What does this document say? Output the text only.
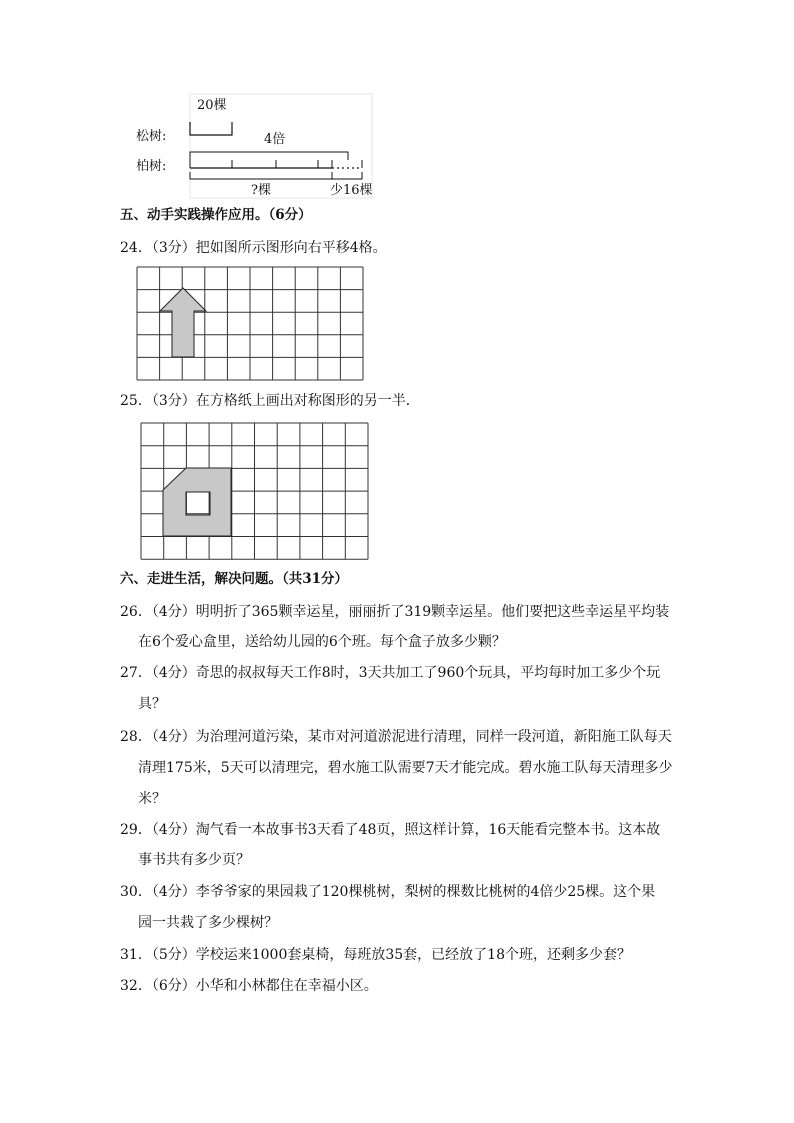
20棵
松树:	4倍
柏树:
?棵	少16棵
五、动手实践操作应用。（6分）
24．（3分）把如图所示图形向右平移4格。
25．（3分）在方格纸上画出对称图形的另一半．
六、走进生活，解决问题。（共31分）
26．（4分）明明折了365颗幸运星，丽丽折了319颗幸运星。他们要把这些幸运星平均装
在6个爱心盒里，送给幼儿园的6个班。每个盒子放多少颗？
27．（4分）奇思的叔叔每天工作8时，3天共加工了960个玩具，平均每时加工多少个玩
具？
28．（4分）为治理河道污染，某市对河道淤泥进行清理，同样一段河道，新阳施工队每天
清理175米，5天可以清理完，碧水施工队需要7天才能完成。碧水施工队每天清理多少
米？
29．（4分）淘气看一本故事书3天看了48页，照这样计算，16天能看完整本书。这本故
事书共有多少页？
30．（4分）李爷爷家的果园栽了120棵桃树，梨树的棵数比桃树的4倍少25棵。这个果
园一共栽了多少棵树？
31．（5分）学校运来1000套桌椅，每班放35套，已经放了18个班，还剩多少套？
32．（6分）小华和小林都住在幸福小区。
